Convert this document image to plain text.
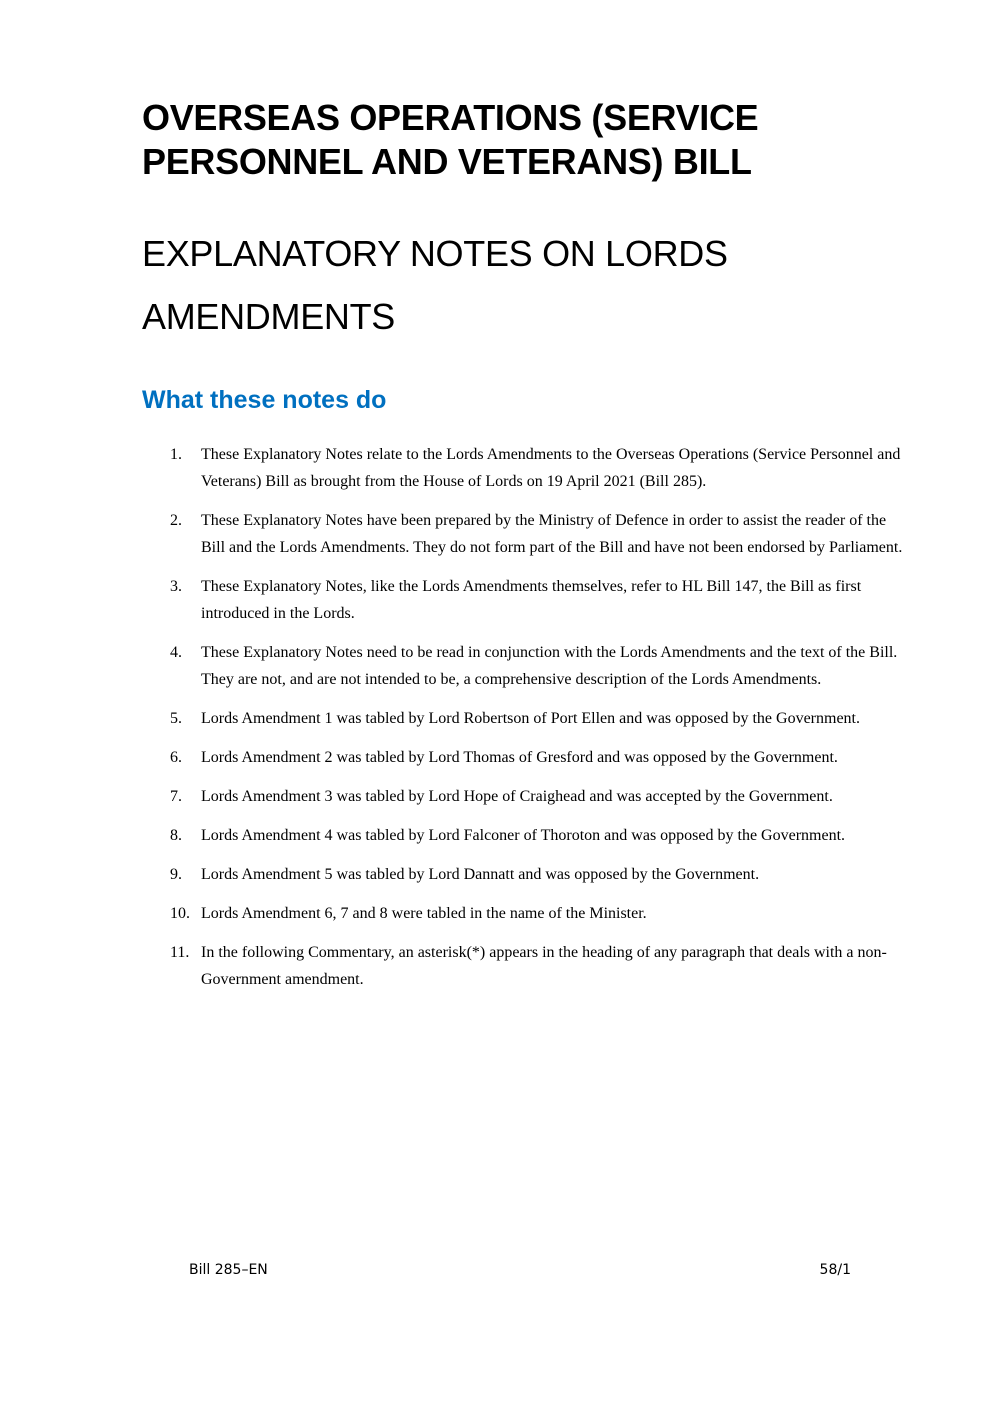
OVERSEAS OPERATIONS (SERVICE PERSONNEL AND VETERANS) BILL
EXPLANATORY NOTES ON LORDS AMENDMENTS
What these notes do
1. These Explanatory Notes relate to the Lords Amendments to the Overseas Operations (Service Personnel and Veterans) Bill as brought from the House of Lords on 19 April 2021 (Bill 285).
2. These Explanatory Notes have been prepared by the Ministry of Defence in order to assist the reader of the Bill and the Lords Amendments. They do not form part of the Bill and have not been endorsed by Parliament.
3. These Explanatory Notes, like the Lords Amendments themselves, refer to HL Bill 147, the Bill as first introduced in the Lords.
4. These Explanatory Notes need to be read in conjunction with the Lords Amendments and the text of the Bill. They are not, and are not intended to be, a comprehensive description of the Lords Amendments.
5. Lords Amendment 1 was tabled by Lord Robertson of Port Ellen and was opposed by the Government.
6. Lords Amendment 2 was tabled by Lord Thomas of Gresford and was opposed by the Government.
7. Lords Amendment 3 was tabled by Lord Hope of Craighead and was accepted by the Government.
8. Lords Amendment 4 was tabled by Lord Falconer of Thoroton and was opposed by the Government.
9. Lords Amendment 5 was tabled by Lord Dannatt and was opposed by the Government.
10. Lords Amendment 6, 7 and 8 were tabled in the name of the Minister.
11. In the following Commentary, an asterisk(*) appears in the heading of any paragraph that deals with a non-Government amendment.
Bill 285–EN	58/1
